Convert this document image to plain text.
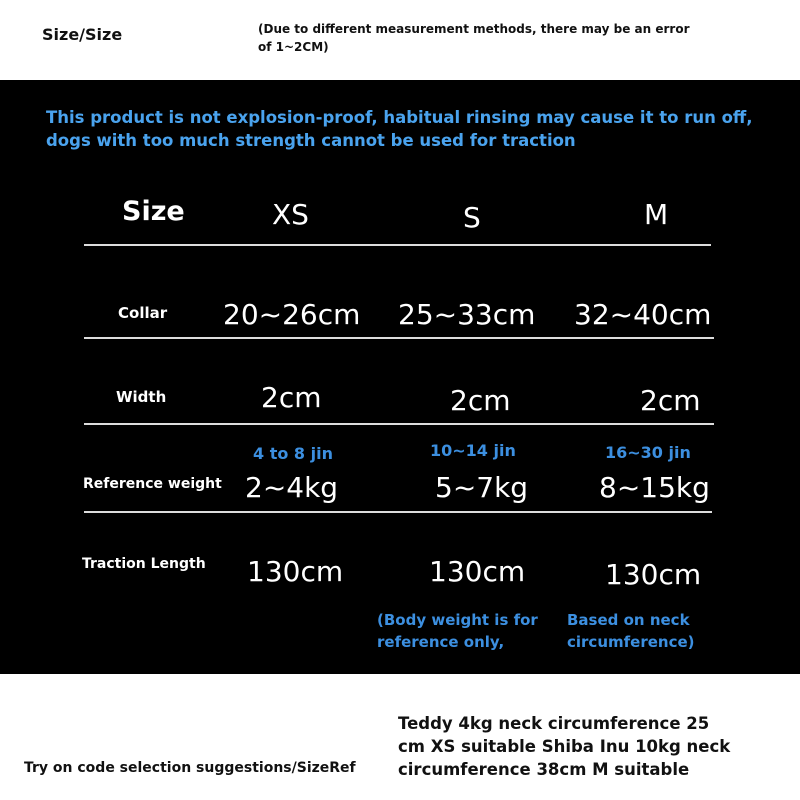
Size/Size	(Due to different measurement methods, there may be an error
of 1~2CM)
This product is not explosion-proof, habitual rinsing may cause it to run off,
dogs with too much strength cannot be used for traction
Size	XS	S	M
Collar 20~26cm 25~33cm 32~40cm
Width	2cm	2cm	2cm
4 to 8 jin	10~14 jin	16~30 jin
Reference weight 2~4kg	5~7kg	8~15kg
Traction Length 130cm	130cm	130cm
(Body weight is for
reference only,
Based on neck
circumference)
Try on code selection suggestions/SizeRef
Teddy 4kg neck circumference 25
cm XS suitable Shiba Inu 10kg neck
circumference 38cm M suitable
